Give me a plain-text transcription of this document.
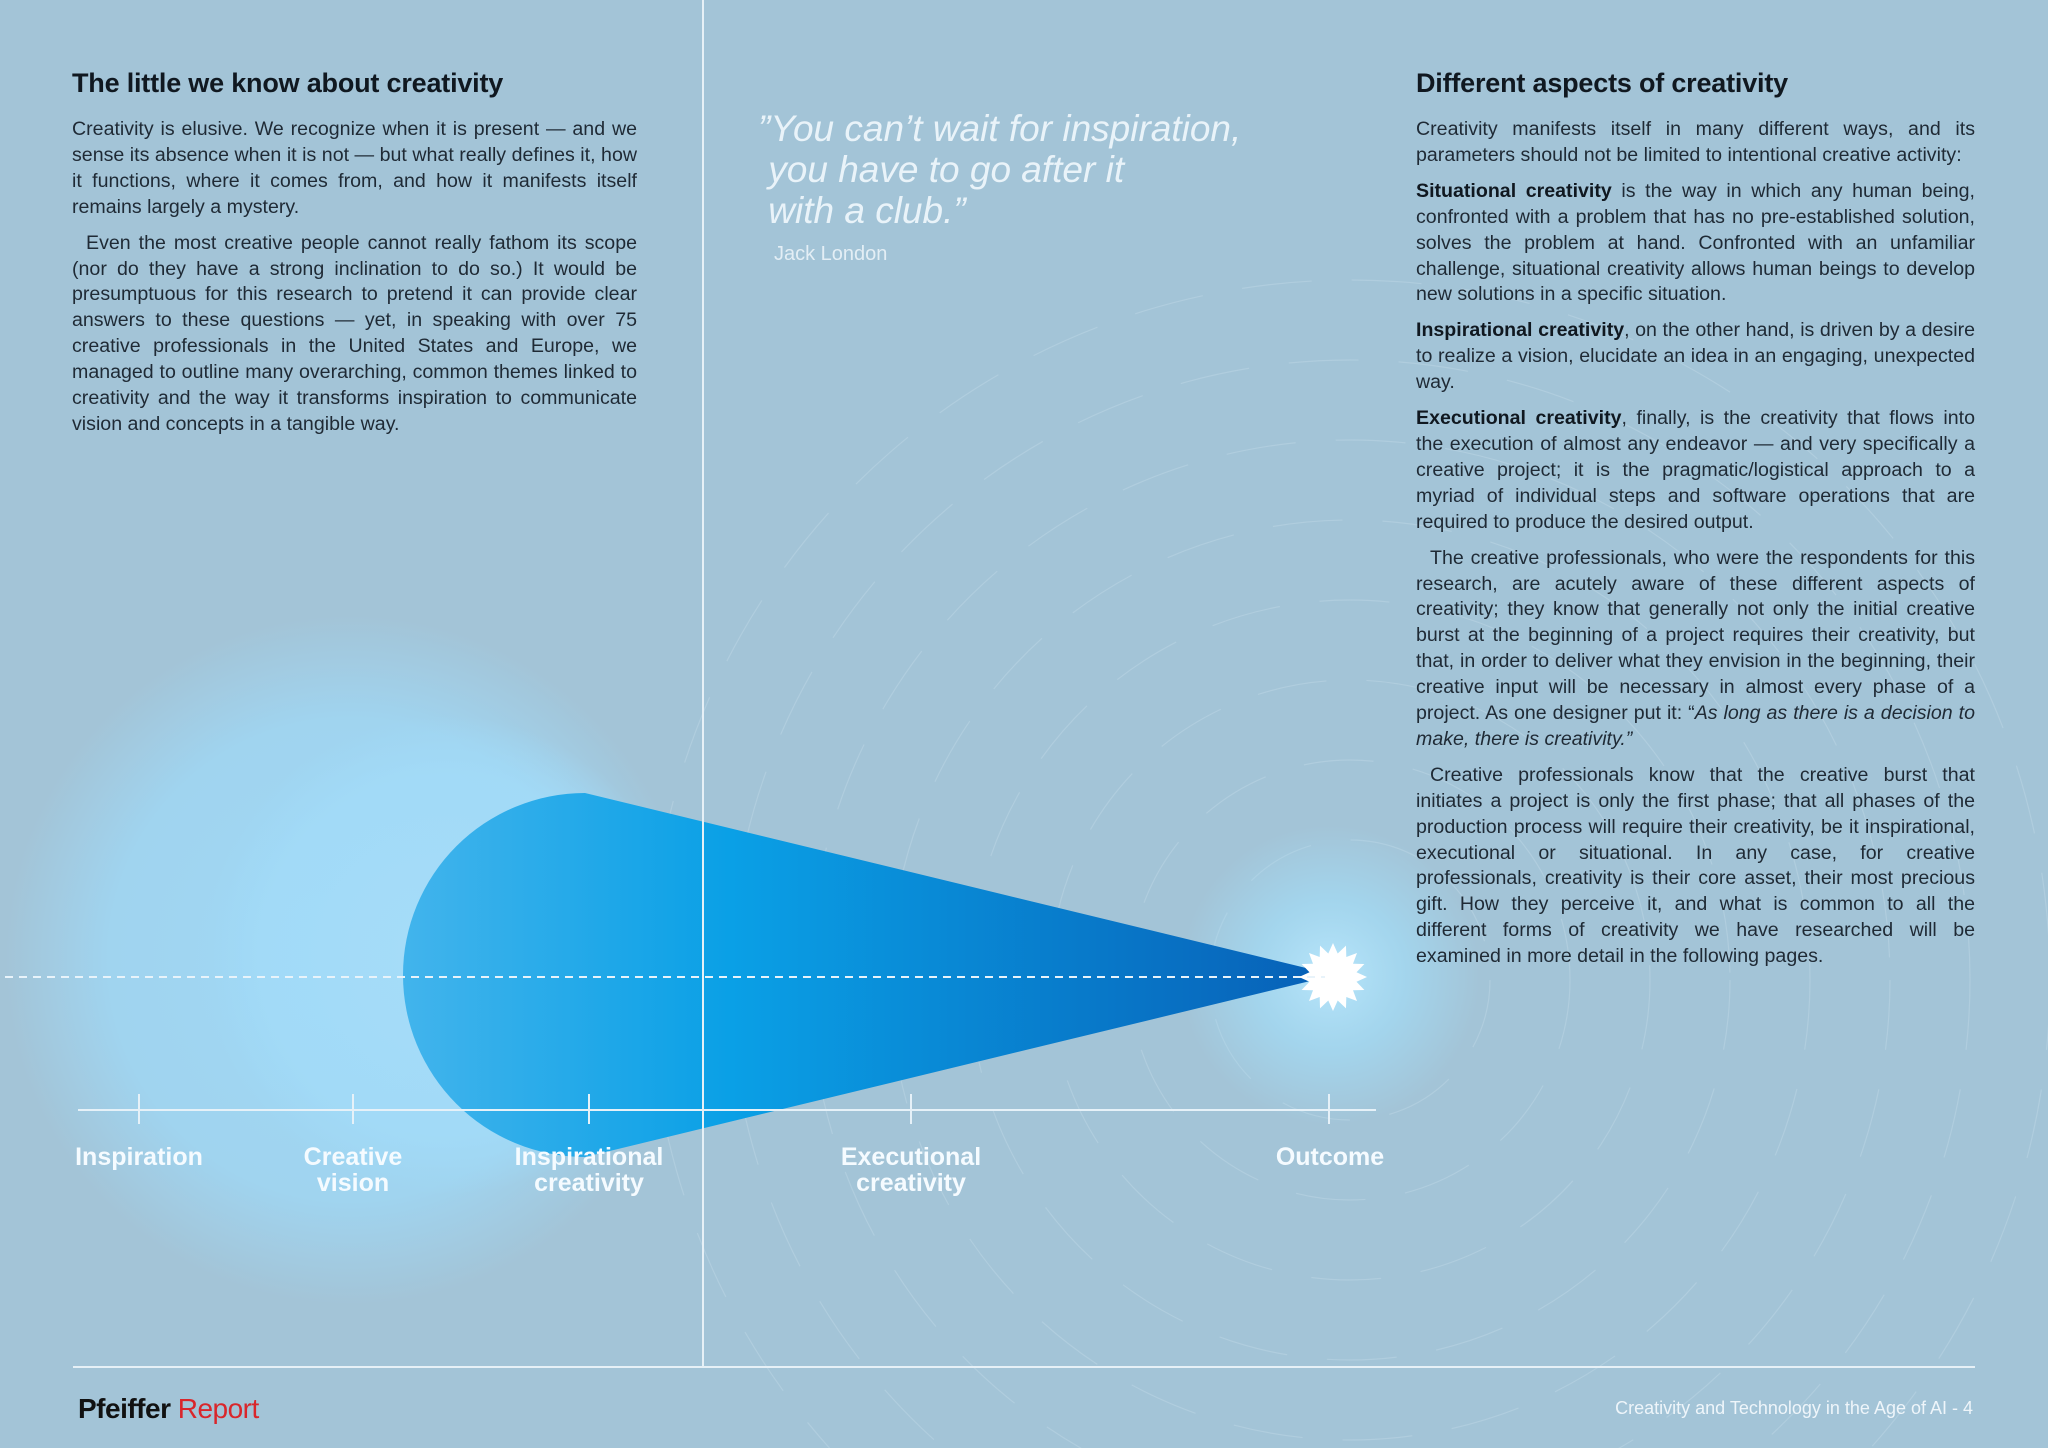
The little we know about creativity

Creativity is elusive. We recognize when it is present — and we sense its absence when it is not — but what really defines it, how it functions, where it comes from, and how it manifests itself remains largely a mystery.

Even the most creative people cannot really fathom its scope (nor do they have a strong inclination to do so.) It would be presumptuous for this research to pretend it can provide clear answers to these questions — yet, in speaking with over 75 creative professionals in the United States and Europe, we managed to outline many overarching, common themes linked to creativity and the way it transforms inspiration to communicate vision and concepts in a tangible way.

”You can’t wait for inspiration,
you have to go after it
with a club.”
Jack London
Different aspects of creativity

Creativity manifests itself in many different ways, and its parameters should not be limited to intentional creative activity:

Situational creativity is the way in which any human being, confronted with a problem that has no pre-established solution, solves the problem at hand. Confronted with an unfamiliar challenge, situational creativity allows human beings to develop new solutions in a specific situation.

Inspirational creativity, on the other hand, is driven by a desire to realize a vision, elucidate an idea in an engaging, unexpected way.

Executional creativity, finally, is the creativity that flows into the execution of almost any endeavor — and very specifically a creative project; it is the pragmatic/logistical approach to a myriad of individual steps and software operations that are required to produce the desired output.

The creative professionals, who were the respondents for this research, are acutely aware of these different aspects of creativity; they know that generally not only the initial creative burst at the beginning of a project requires their creativity, but that, in order to deliver what they envision in the beginning, their creative input will be necessary in almost every phase of a project. As one designer put it: “As long as there is a decision to make, there is creativity.”

Creative professionals know that the creative burst that initiates a project is only the first phase; that all phases of the production process will require their creativity, be it inspirational, executional or situational. In any case, for creative professionals, creativity is their core asset, their most precious gift. How they perceive it, and what is common to all the different forms of creativity we have researched will be examined in more detail in the following pages.

Inspiration	Creative
vision
Inspirational
creativity
Executional
creativity
Outcome
Pfeiffer Report	Creativity and Technology in the Age of AI - 4
